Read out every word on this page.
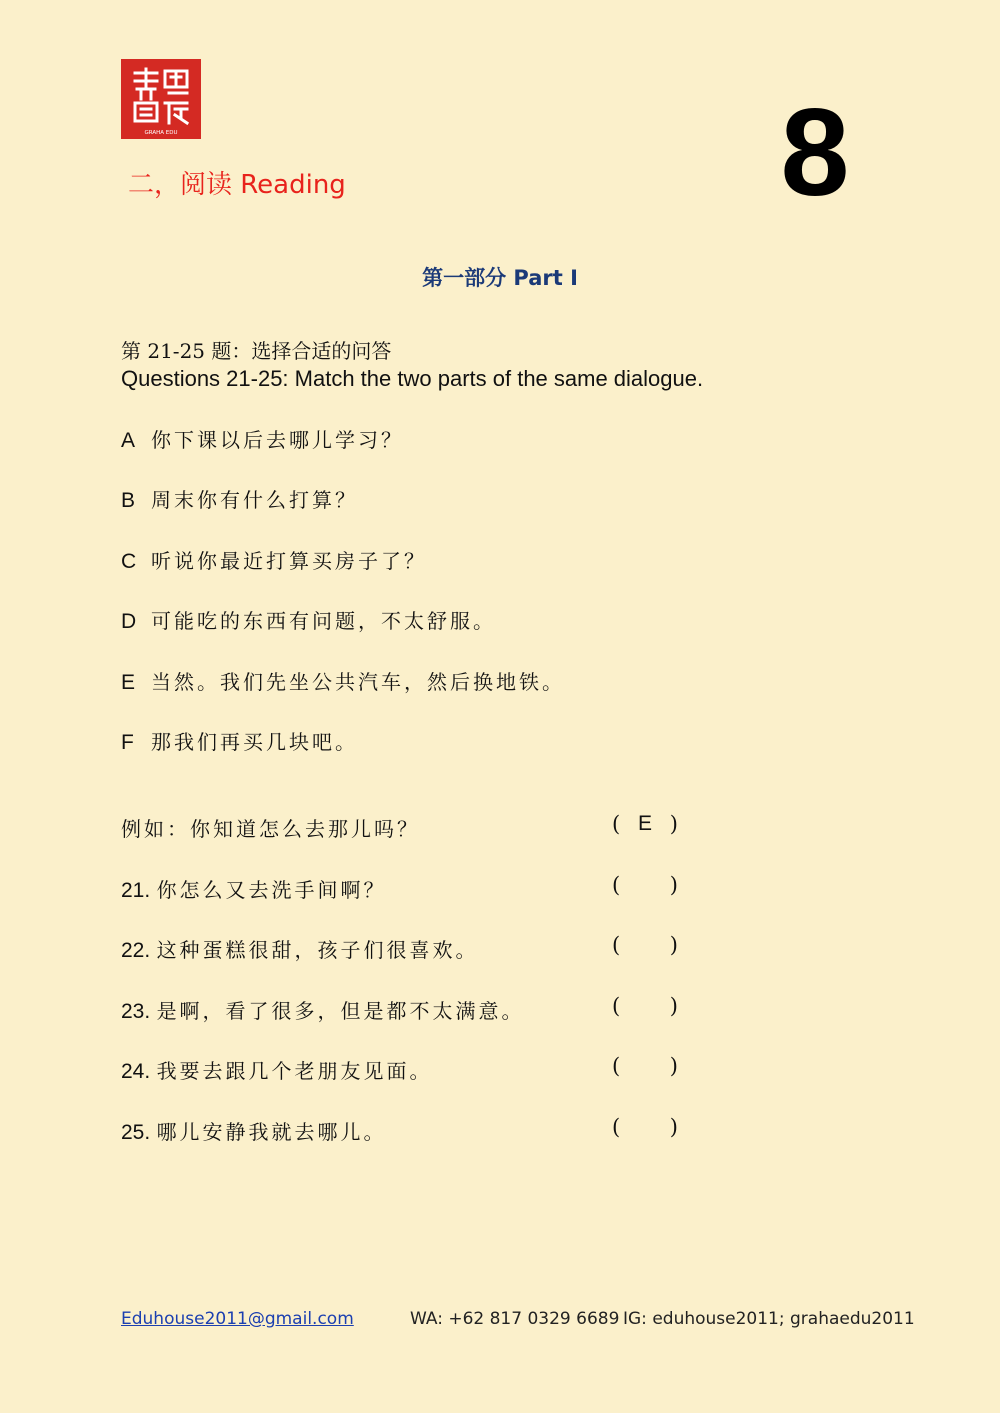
GRAHA EDU
二，阅读 Reading	8
第一部分 Part I
第 21-25 题：选择合适的问答
Questions 21-25: Match the two parts of the same dialogue.
A 你下课以后去哪儿学习？
B 周末你有什么打算？
C 听说你最近打算买房子了？
D 可能吃的东西有问题，不太舒服。
E 当然。我们先坐公共汽车，然后换地铁。
F 那我们再买几块吧。
例如：你知道怎么去那儿吗？	( E )
21. 你怎么又去洗手间啊？	( )
22. 这种蛋糕很甜，孩子们很喜欢。	( )
23. 是啊，看了很多，但是都不太满意。	( )
24. 我要去跟几个老朋友见面。	( )
25. 哪儿安静我就去哪儿。	( )
Eduhouse2011@gmail.com	WA: +62 817 0329 6689 IG: eduhouse2011; grahaedu2011
